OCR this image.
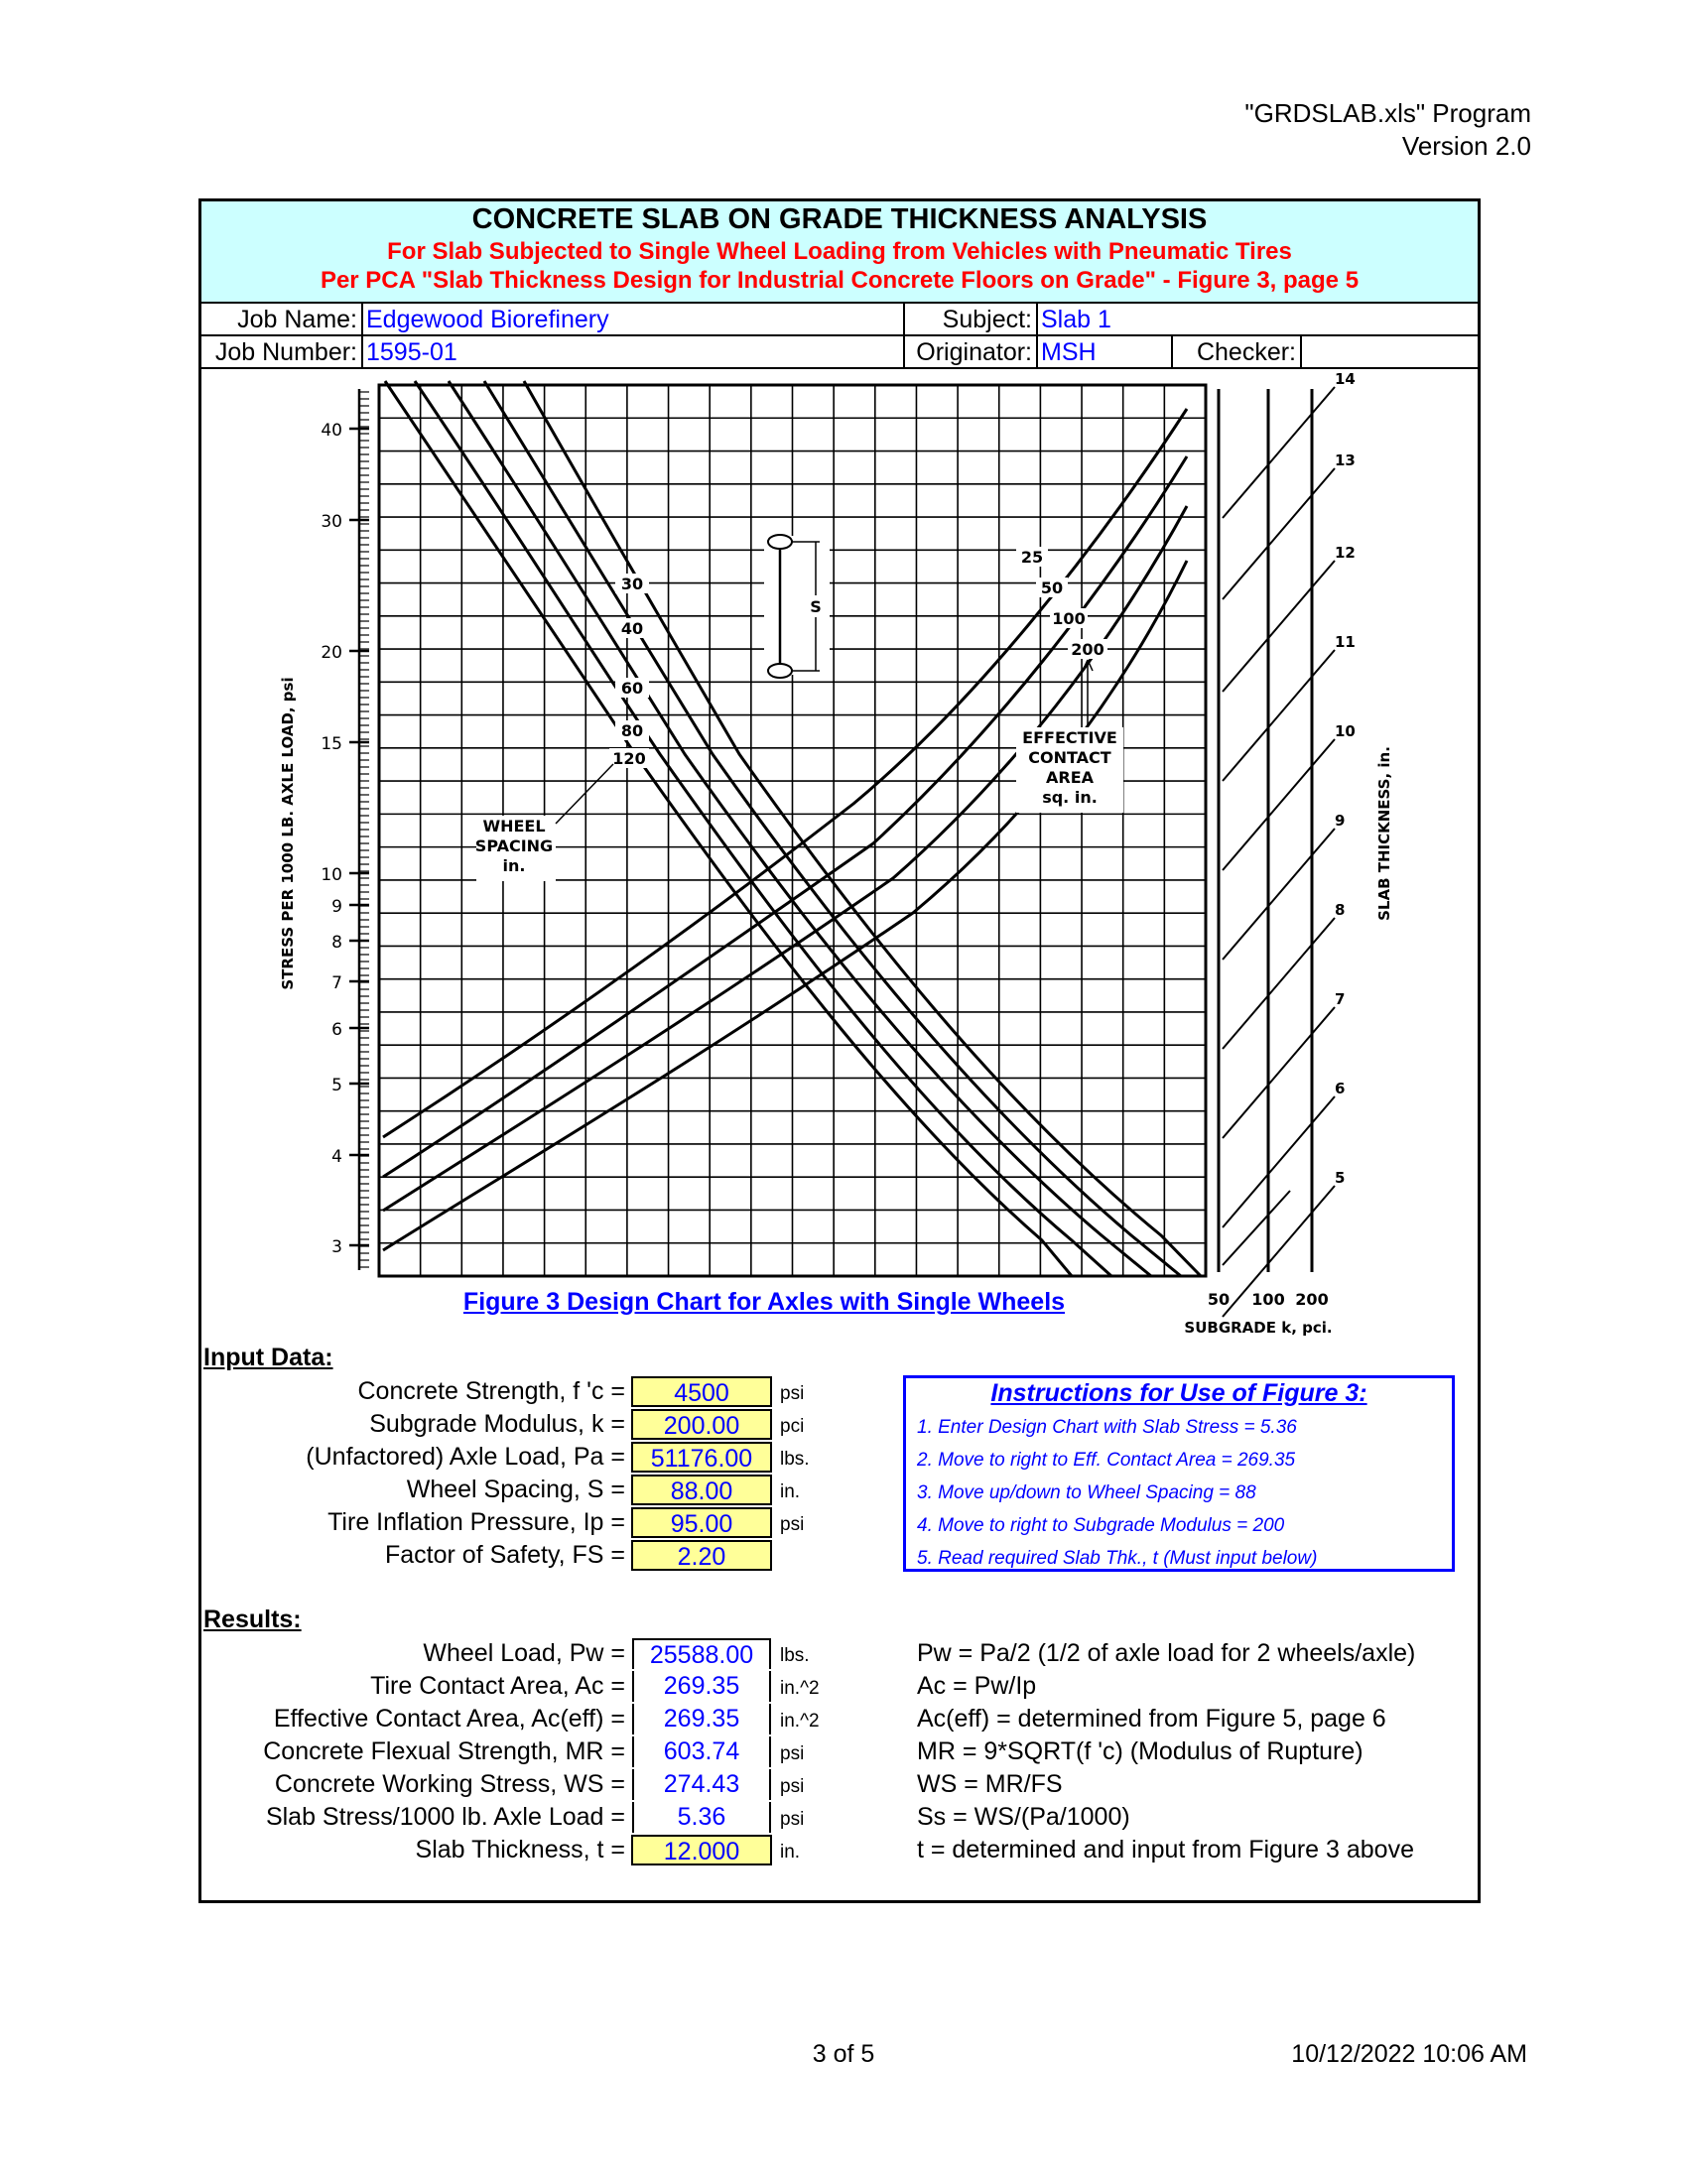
"GRDSLAB.xls" Program
Version 2.0
CONCRETE SLAB ON GRADE THICKNESS ANALYSIS
For Slab Subjected to Single Wheel Loading from Vehicles with Pneumatic Tires
Per PCA "Slab Thickness Design for Industrial Concrete Floors on Grade" - Figure 3, page 5
Job Name: Edgewood Biorefinery	Subject: Slab 1
Job Number: 1595-01	Originator: MSH	Checker:
40
30
20
15
10
9
8
7
6
5
4
3
STRESS PER 1000 LB. AXLE LOAD, psi
30
40
60
80
120
WHEEL
SPACING
in.
25
50
100
200
EFFECTIVE
CONTACT
AREA
sq. in.
S
14
13
12
11
10
9
8
7
6
5
SLAB THICKNESS, in.
50 100 200
SUBGRADE k, pci.
Figure 3 Design Chart for Axles with Single Wheels
Input Data:
Concrete Strength, f 'c =	4500	psi
Subgrade Modulus, k =	200.00	pci
(Unfactored) Axle Load, Pa =	51176.00	lbs.
Wheel Spacing, S =	88.00	in.
Tire Inflation Pressure, Ip =	95.00	psi
Factor of Safety, FS =	2.20
Instructions for Use of Figure 3:
1. Enter Design Chart with Slab Stress = 5.36
2. Move to right to Eff. Contact Area = 269.35
3. Move up/down to Wheel Spacing = 88
4. Move to right to Subgrade Modulus = 200
5. Read required Slab Thk., t (Must input below)
Results:
Wheel Load, Pw = 25588.00	lbs.	Pw = Pa/2 (1/2 of axle load for 2 wheels/axle)
Tire Contact Area, Ac =	269.35	in.^2	Ac = Pw/Ip
Effective Contact Area, Ac(eff) =	269.35	in.^2	Ac(eff) = determined from Figure 5, page 6
Concrete Flexual Strength, MR =	603.74	psi	MR = 9*SQRT(f 'c) (Modulus of Rupture)
Concrete Working Stress, WS =	274.43	psi	WS = MR/FS
Slab Stress/1000 lb. Axle Load =	5.36	psi	Ss = WS/(Pa/1000)
Slab Thickness, t =	12.000	in.	t = determined and input from Figure 3 above
3 of 5	10/12/2022 10:06 AM
